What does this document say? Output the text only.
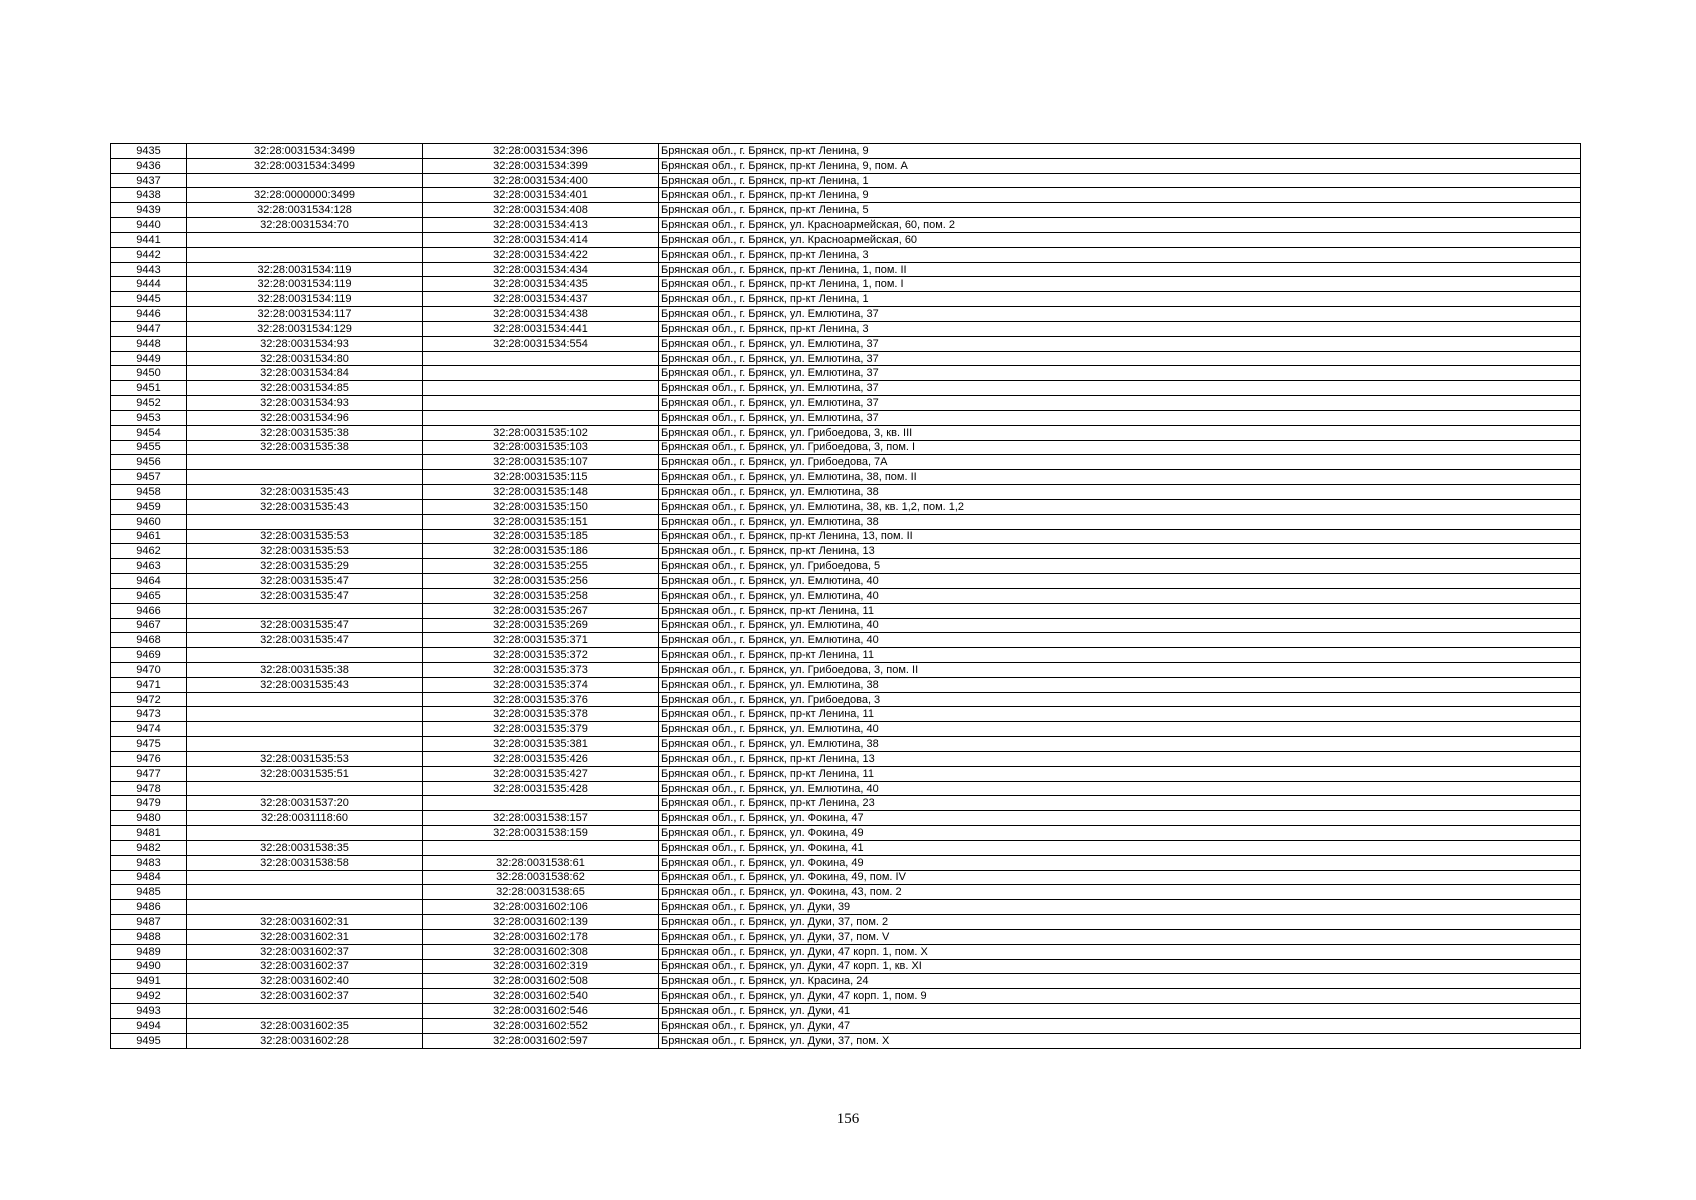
9435	32:28:0031534:3499	32:28:0031534:396	Брянская обл., г. Брянск, пр-кт Ленина, 9
9436	32:28:0031534:3499	32:28:0031534:399	Брянская обл., г. Брянск, пр-кт Ленина, 9, пом. А
9437		32:28:0031534:400	Брянская обл., г. Брянск, пр-кт Ленина, 1
9438	32:28:0000000:3499	32:28:0031534:401	Брянская обл., г. Брянск, пр-кт Ленина, 9
9439	32:28:0031534:128	32:28:0031534:408	Брянская обл., г. Брянск, пр-кт Ленина, 5
9440	32:28:0031534:70	32:28:0031534:413	Брянская обл., г. Брянск, ул. Красноармейская, 60, пом. 2
9441		32:28:0031534:414	Брянская обл., г. Брянск, ул. Красноармейская, 60
9442		32:28:0031534:422	Брянская обл., г. Брянск, пр-кт Ленина, 3
9443	32:28:0031534:119	32:28:0031534:434	Брянская обл., г. Брянск, пр-кт Ленина, 1, пом. II
9444	32:28:0031534:119	32:28:0031534:435	Брянская обл., г. Брянск, пр-кт Ленина, 1, пом. I
9445	32:28:0031534:119	32:28:0031534:437	Брянская обл., г. Брянск, пр-кт Ленина, 1
9446	32:28:0031534:117	32:28:0031534:438	Брянская обл., г. Брянск, ул. Емлютина, 37
9447	32:28:0031534:129	32:28:0031534:441	Брянская обл., г. Брянск, пр-кт Ленина, 3
9448	32:28:0031534:93	32:28:0031534:554	Брянская обл., г. Брянск, ул. Емлютина, 37
9449	32:28:0031534:80		Брянская обл., г. Брянск, ул. Емлютина, 37
9450	32:28:0031534:84		Брянская обл., г. Брянск, ул. Емлютина, 37
9451	32:28:0031534:85		Брянская обл., г. Брянск, ул. Емлютина, 37
9452	32:28:0031534:93		Брянская обл., г. Брянск, ул. Емлютина, 37
9453	32:28:0031534:96		Брянская обл., г. Брянск, ул. Емлютина, 37
9454	32:28:0031535:38	32:28:0031535:102	Брянская обл., г. Брянск, ул. Грибоедова, 3, кв. III
9455	32:28:0031535:38	32:28:0031535:103	Брянская обл., г. Брянск, ул. Грибоедова, 3, пом. I
9456		32:28:0031535:107	Брянская обл., г. Брянск, ул. Грибоедова, 7А
9457		32:28:0031535:115	Брянская обл., г. Брянск, ул. Емлютина, 38, пом. II
9458	32:28:0031535:43	32:28:0031535:148	Брянская обл., г. Брянск, ул. Емлютина, 38
9459	32:28:0031535:43	32:28:0031535:150	Брянская обл., г. Брянск, ул. Емлютина, 38, кв. 1,2, пом. 1,2
9460		32:28:0031535:151	Брянская обл., г. Брянск, ул. Емлютина, 38
9461	32:28:0031535:53	32:28:0031535:185	Брянская обл., г. Брянск, пр-кт Ленина, 13, пом. II
9462	32:28:0031535:53	32:28:0031535:186	Брянская обл., г. Брянск, пр-кт Ленина, 13
9463	32:28:0031535:29	32:28:0031535:255	Брянская обл., г. Брянск, ул. Грибоедова, 5
9464	32:28:0031535:47	32:28:0031535:256	Брянская обл., г. Брянск, ул. Емлютина, 40
9465	32:28:0031535:47	32:28:0031535:258	Брянская обл., г. Брянск, ул. Емлютина, 40
9466		32:28:0031535:267	Брянская обл., г. Брянск, пр-кт Ленина, 11
9467	32:28:0031535:47	32:28:0031535:269	Брянская обл., г. Брянск, ул. Емлютина, 40
9468	32:28:0031535:47	32:28:0031535:371	Брянская обл., г. Брянск, ул. Емлютина, 40
9469		32:28:0031535:372	Брянская обл., г. Брянск, пр-кт Ленина, 11
9470	32:28:0031535:38	32:28:0031535:373	Брянская обл., г. Брянск, ул. Грибоедова, 3, пом. II
9471	32:28:0031535:43	32:28:0031535:374	Брянская обл., г. Брянск, ул. Емлютина, 38
9472		32:28:0031535:376	Брянская обл., г. Брянск, ул. Грибоедова, 3
9473		32:28:0031535:378	Брянская обл., г. Брянск, пр-кт Ленина, 11
9474		32:28:0031535:379	Брянская обл., г. Брянск, ул. Емлютина, 40
9475		32:28:0031535:381	Брянская обл., г. Брянск, ул. Емлютина, 38
9476	32:28:0031535:53	32:28:0031535:426	Брянская обл., г. Брянск, пр-кт Ленина, 13
9477	32:28:0031535:51	32:28:0031535:427	Брянская обл., г. Брянск, пр-кт Ленина, 11
9478		32:28:0031535:428	Брянская обл., г. Брянск, ул. Емлютина, 40
9479	32:28:0031537:20		Брянская обл., г. Брянск, пр-кт Ленина, 23
9480	32:28:0031118:60	32:28:0031538:157	Брянская обл., г. Брянск, ул. Фокина, 47
9481		32:28:0031538:159	Брянская обл., г. Брянск, ул. Фокина, 49
9482	32:28:0031538:35		Брянская обл., г. Брянск, ул. Фокина, 41
9483	32:28:0031538:58	32:28:0031538:61	Брянская обл., г. Брянск, ул. Фокина, 49
9484		32:28:0031538:62	Брянская обл., г. Брянск, ул. Фокина, 49, пом. IV
9485		32:28:0031538:65	Брянская обл., г. Брянск, ул. Фокина, 43, пом. 2
9486		32:28:0031602:106	Брянская обл., г. Брянск, ул. Дуки, 39
9487	32:28:0031602:31	32:28:0031602:139	Брянская обл., г. Брянск, ул. Дуки, 37, пом. 2
9488	32:28:0031602:31	32:28:0031602:178	Брянская обл., г. Брянск, ул. Дуки, 37, пом. V
9489	32:28:0031602:37	32:28:0031602:308	Брянская обл., г. Брянск, ул. Дуки, 47 корп. 1, пом. X
9490	32:28:0031602:37	32:28:0031602:319	Брянская обл., г. Брянск, ул. Дуки, 47 корп. 1, кв. XI
9491	32:28:0031602:40	32:28:0031602:508	Брянская обл., г. Брянск, ул. Красина, 24
9492	32:28:0031602:37	32:28:0031602:540	Брянская обл., г. Брянск, ул. Дуки, 47 корп. 1, пом. 9
9493		32:28:0031602:546	Брянская обл., г. Брянск, ул. Дуки, 41
9494	32:28:0031602:35	32:28:0031602:552	Брянская обл., г. Брянск, ул. Дуки, 47
9495	32:28:0031602:28	32:28:0031602:597	Брянская обл., г. Брянск, ул. Дуки, 37, пом. X
156
